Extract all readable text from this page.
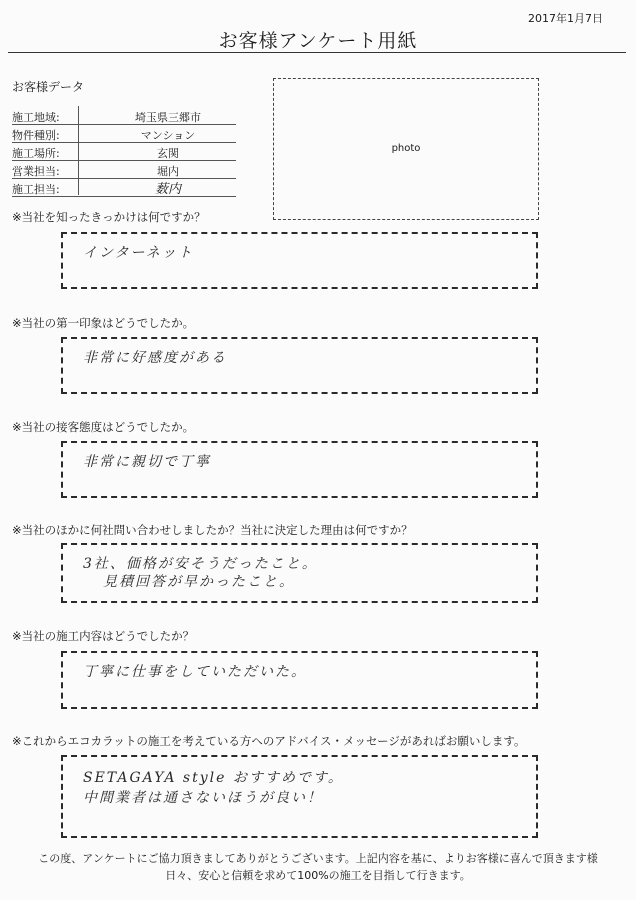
2017年1月7日
お客様アンケート用紙
お客様データ
施工地域:	埼玉県三郷市
物件種別:	マンション
施工場所:	玄関
営業担当:	堀内
施工担当:	薮内
photo
※当社を知ったきっかけは何ですか？
インターネット
※当社の第一印象はどうでしたか。
非常に好感度がある
※当社の接客態度はどうでしたか。
非常に親切で丁寧
※当社のほかに何社問い合わせしましたか？当社に決定した理由は何ですか？
3社、価格が安そうだったこと。
見積回答が早かったこと。
※当社の施工内容はどうでしたか？
丁寧に仕事をしていただいた。
※これからエコカラットの施工を考えている方へのアドバイス・メッセージがあればお願いします。
SETAGAYA style おすすめです。
中間業者は通さないほうが良い！
この度、アンケートにご協力頂きましてありがとうございます。上記内容を基に、よりお客様に喜んで頂きます様
日々、安心と信頼を求めて100%の施工を目指して行きます。
